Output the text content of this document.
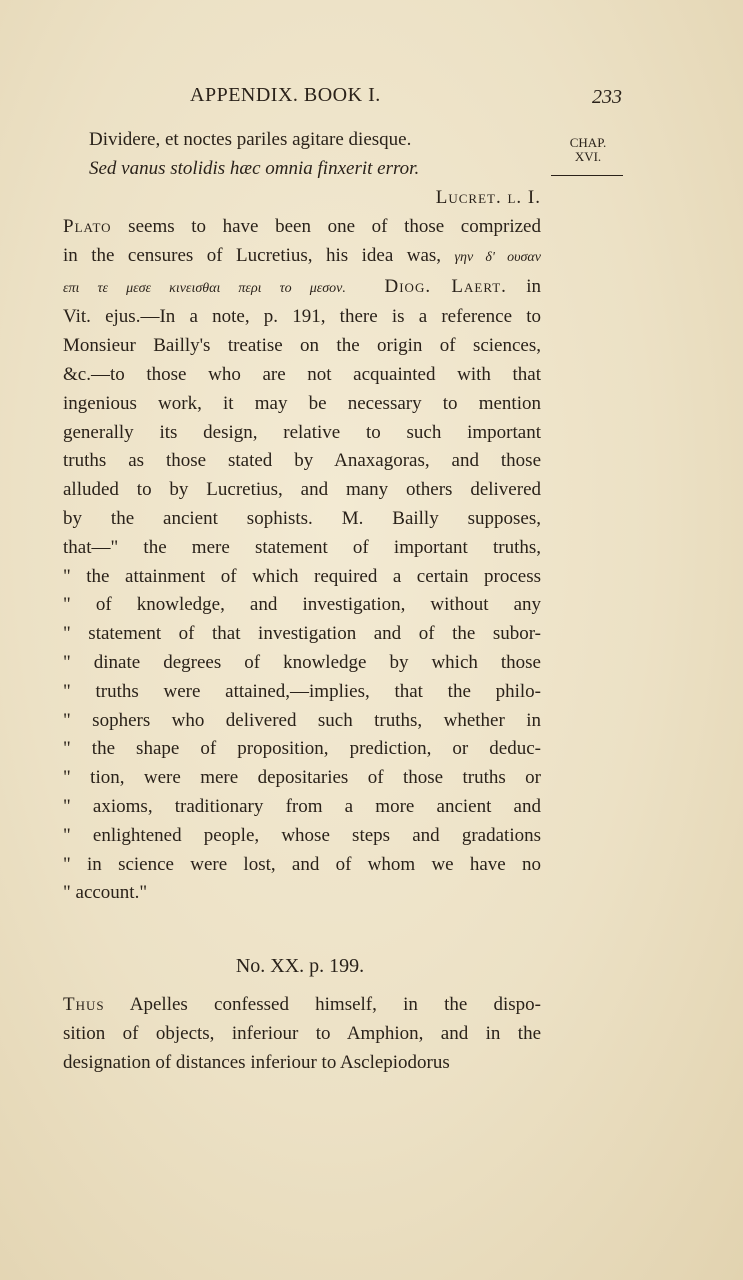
APPENDIX. BOOK I.	233
CHAP.
XVI.
Dividere, et noctes pariles agitare diesque.
Sed vanus stolidis hæc omnia finxerit error.
Lucret. l. I.
Plato seems to have been one of those comprized
in the censures of Lucretius, his idea was, γην δ' ουσαν
επι τε μεσε κινεισθαι περι το μεσον. Diog. Laert. in
Vit. ejus.—In a note, p. 191, there is a reference to
Monsieur Bailly's treatise on the origin of sciences,
&c.—to those who are not acquainted with that
ingenious work, it may be necessary to mention
generally its design, relative to such important
truths as those stated by Anaxagoras, and those
alluded to by Lucretius, and many others delivered
by the ancient sophists. M. Bailly supposes,
that—" the mere statement of important truths,
" the attainment of which required a certain process
" of knowledge, and investigation, without any
" statement of that investigation and of the subor-
" dinate degrees of knowledge by which those
" truths were attained,—implies, that the philo-
" sophers who delivered such truths, whether in
" the shape of proposition, prediction, or deduc-
" tion, were mere depositaries of those truths or
" axioms, traditionary from a more ancient and
" enlightened people, whose steps and gradations
" in science were lost, and of whom we have no
" account."
No. XX. p. 199.
Thus Apelles confessed himself, in the dispo-
sition of objects, inferiour to Amphion, and in the
designation of distances inferiour to Asclepiodorus
